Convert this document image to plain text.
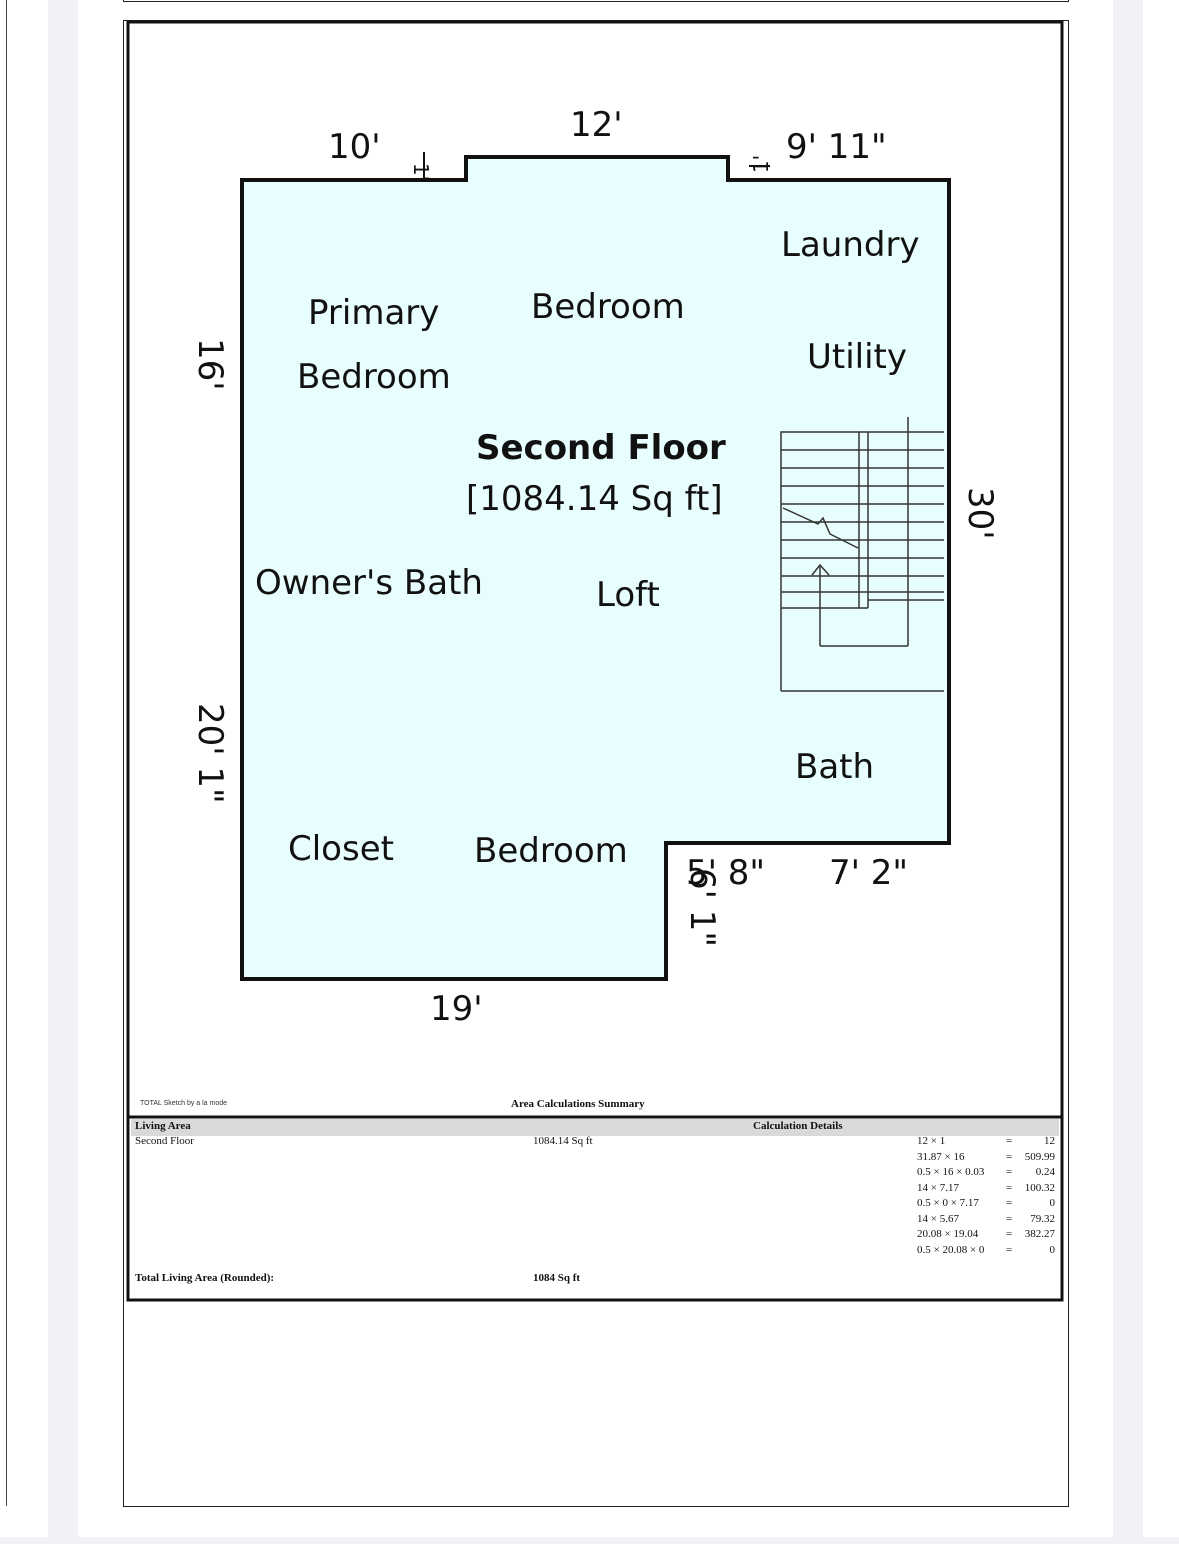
Second Floor
[1084.14 Sq ft]
Laundry
Primary
Bedroom
Bedroom
Utility
Owner's Bath	Loft
Bath
Closet Bedroom
10'
12'
9' 11"
1'	1'
16'
30'
20' 1"
19'
5' 8" 7' 2"
6' 1"
TOTAL Sketch by a la mode	Area Calculations Summary
Living Area	Calculation Details
Second Floor	1084.14 Sq ft	12 × 1	=	12
31.87 × 16	= 509.99
0.5 × 16 × 0.03 = 0.24
14 × 7.17	= 100.32
0.5 × 0 × 7.17 =	0
14 × 5.67	= 79.32
20.08 × 19.04	= 382.27
0.5 × 20.08 × 0 =	0
Total Living Area (Rounded):	1084 Sq ft
